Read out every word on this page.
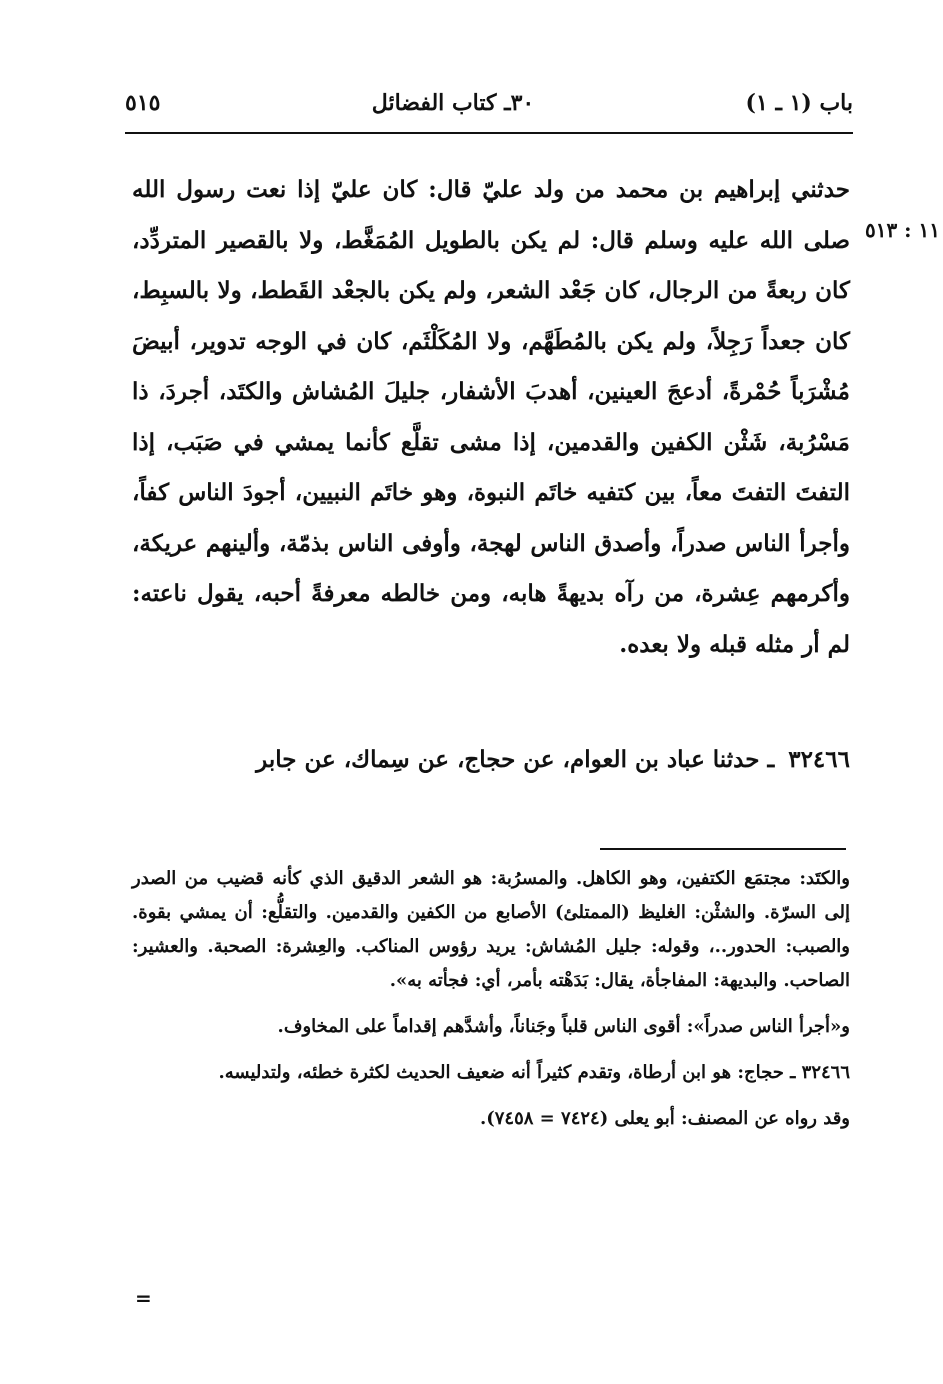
باب (١ ـ ١)
٣٠ـ كتاب الفضائل
٥١٥
١١ : ٥١٣

حدثني إبراهيم بن محمد من ولد عليّ قال: كان عليّ إذا نعت رسول الله صلى الله عليه وسلم قال: لم يكن بالطويل المُمَغَّط، ولا بالقصير المتردِّد، كان ربعةً من الرجال، كان جَعْد الشعر، ولم يكن بالجعْد القَطط، ولا بالسبِط، كان جعداً رَجِلاً، ولم يكن بالمُطَهَّم، ولا المُكَلْثَم، كان في الوجه تدوير، أبيضَ مُشْرَباً حُمْرةً، أدعجَ العينين، أهدبَ الأشفار، جليلَ المُشاش والكتَد، أجردَ، ذا مَسْرُبة، شَثْن الكفين والقدمين، إذا مشى تقلَّع كأنما يمشي في صَبَب، إذا التفتَ التفتَ معاً، بين كتفيه خاتَم النبوة، وهو خاتَم النبيين، أجودَ الناس كفاً، وأجرأ الناس صدراً، وأصدق الناس لهجة، وأوفى الناس بذمّة، وألينهم عريكة، وأكرمهم عِشرة، من رآه بديهةً هابه، ومن خالطه معرفةً أحبه، يقول ناعته: لم أر مثله قبله ولا بعده.

٣٢٤٦٦ ـ حدثنا عباد بن العوام، عن حجاج، عن سِماك، عن جابر

والكتَد: مجتمَع الكتفين، وهو الكاهل. والمسرُبة: هو الشعر الدقيق الذي كأنه قضيب من الصدر إلى السرّة. والشثْن: الغليظ (الممتلئ) الأصابع من الكفين والقدمين. والتقلُّع: أن يمشي بقوة. والصبب: الحدور..، وقوله: جليل المُشاش: يريد رؤوس المناكب. والعِشرة: الصحبة. والعشير: الصاحب. والبديهة: المفاجأة، يقال: بَدَهْته بأمر، أي: فجأته به».

و«أجرأ الناس صدراً»: أقوى الناس قلباً وجَناناً، وأشدَّهم إقداماً على المخاوف.

٣٢٤٦٦ ـ حجاج: هو ابن أرطاة، وتقدم كثيراً أنه ضعيف الحديث لكثرة خطئه، ولتدليسه.

وقد رواه عن المصنف: أبو يعلى (٧٤٢٤ = ٧٤٥٨).

=
